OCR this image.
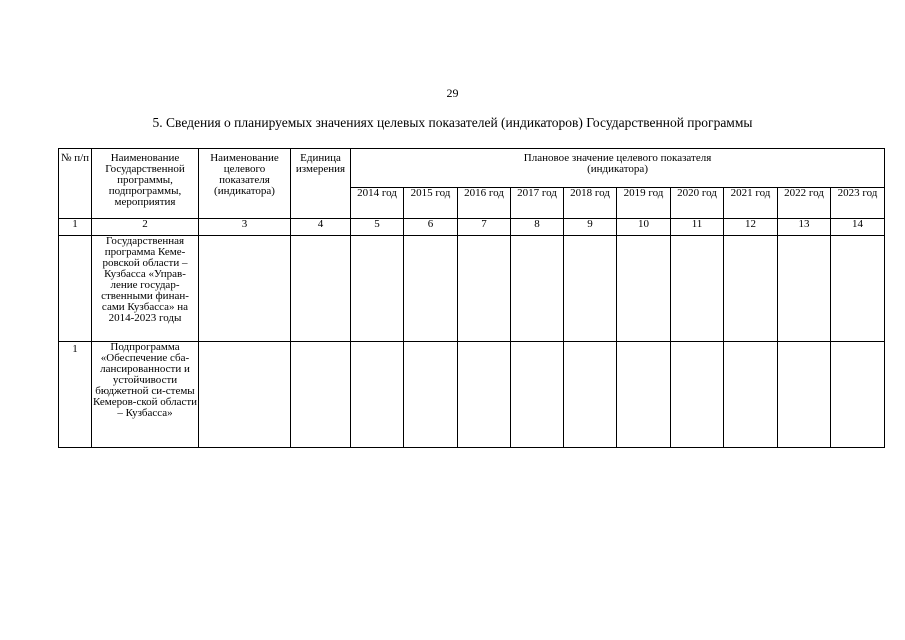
29
5. Сведения о планируемых значениях целевых показателей (индикаторов) Государственной программы
№ п/п	Наименование Государственной программы, подпрограммы, мероприятия	Наименование целевого показателя (индикатора)	Единица измерения	Плановое значение целевого показателя (индикатора)									
				2014 год	2015 год	2016 год	2017 год	2018 год	2019 год	2020 год	2021 год	2022 год	2023 год
1	2	3	4	5	6	7	8	9	10	11	12	13	14
	Государственная программа Кеме-ровской области – Кузбасса «Управ-ление государ-ственными финан-сами Кузбасса» на 2014-2023 годы												
1	Подпрограмма «Обеспечение сба-лансированности и устойчивости бюджетной си-стемы Кемеров-ской области – Кузбасса»												
